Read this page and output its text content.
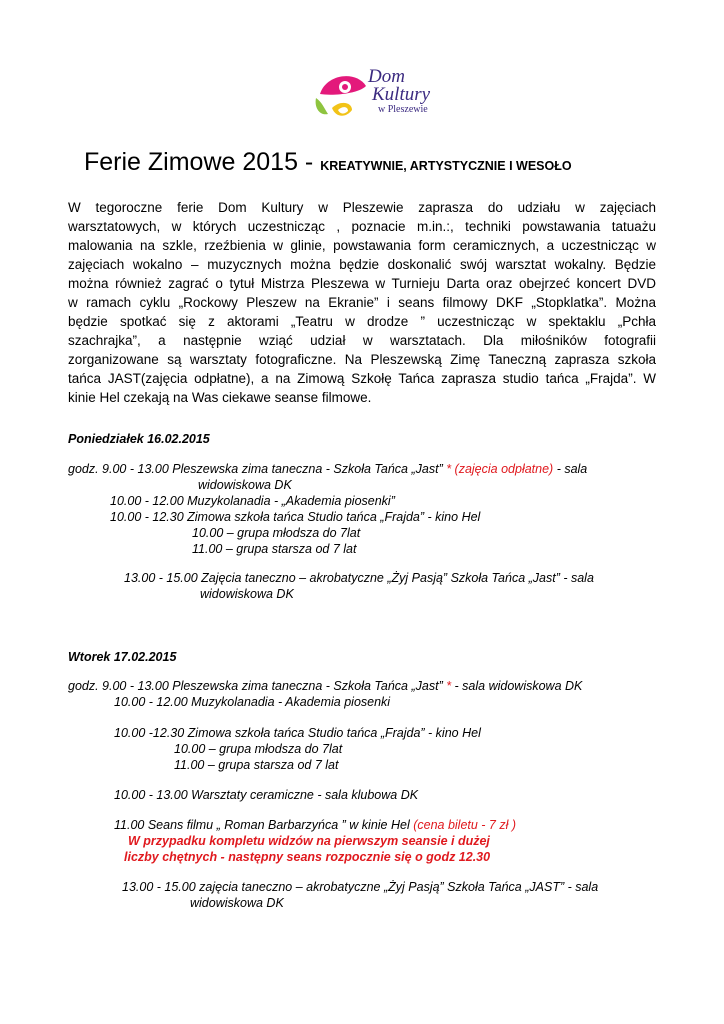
Dom
Kultury
w Pleszewie
Ferie Zimowe 2015 - KREATYWNIE, ARTYSTYCZNIE I WESOŁO
W tegoroczne ferie Dom Kultury w Pleszewie zaprasza do udziału w zajęciach
warsztatowych, w których uczestnicząc , poznacie m.in.:, techniki powstawania tatuażu
malowania na szkle, rzeźbienia w glinie, powstawania form ceramicznych, a uczestnicząc w
zajęciach wokalno – muzycznych można będzie doskonalić swój warsztat wokalny. Będzie
można również zagrać o tytuł Mistrza Pleszewa w Turnieju Darta oraz obejrzeć koncert DVD
w ramach cyklu „Rockowy Pleszew na Ekranie” i seans filmowy DKF „Stopklatka”. Można
będzie spotkać się z aktorami „Teatru w drodze ” uczestnicząc w spektaklu „Pchła
szachrajka”, a następnie wziąć udział w warsztatach. Dla miłośników fotografii
zorganizowane są warsztaty fotograficzne. Na Pleszewską Zimę Taneczną zaprasza szkoła
tańca JAST(zajęcia odpłatne), a na Zimową Szkołę Tańca zaprasza studio tańca „Frajda”. W
kinie Hel czekają na Was ciekawe seanse filmowe.
Poniedziałek 16.02.2015
godz. 9.00 - 13.00 Pleszewska zima taneczna - Szkoła Tańca „Jast” * (zajęcia odpłatne) - sala
widowiskowa DK
10.00 - 12.00 Muzykolanadia - „Akademia piosenki”
10.00 - 12.30 Zimowa szkoła tańca Studio tańca „Frajda” - kino Hel
10.00 – grupa młodsza do 7lat
11.00 – grupa starsza od 7 lat
13.00 - 15.00 Zajęcia taneczno – akrobatyczne „Żyj Pasją” Szkoła Tańca „Jast” - sala
widowiskowa DK
Wtorek 17.02.2015
godz. 9.00 - 13.00 Pleszewska zima taneczna - Szkoła Tańca „Jast” * - sala widowiskowa DK
10.00 - 12.00 Muzykolanadia - Akademia piosenki
10.00 -12.30 Zimowa szkoła tańca Studio tańca „Frajda” - kino Hel
10.00 – grupa młodsza do 7lat
11.00 – grupa starsza od 7 lat
10.00 - 13.00 Warsztaty ceramiczne - sala klubowa DK
11.00 Seans filmu „ Roman Barbarzyńca ” w kinie Hel (cena biletu - 7 zł )
W przypadku kompletu widzów na pierwszym seansie i dużej
liczby chętnych - następny seans rozpocznie się o godz 12.30
13.00 - 15.00 zajęcia taneczno – akrobatyczne „Żyj Pasją” Szkoła Tańca „JAST” - sala
widowiskowa DK
